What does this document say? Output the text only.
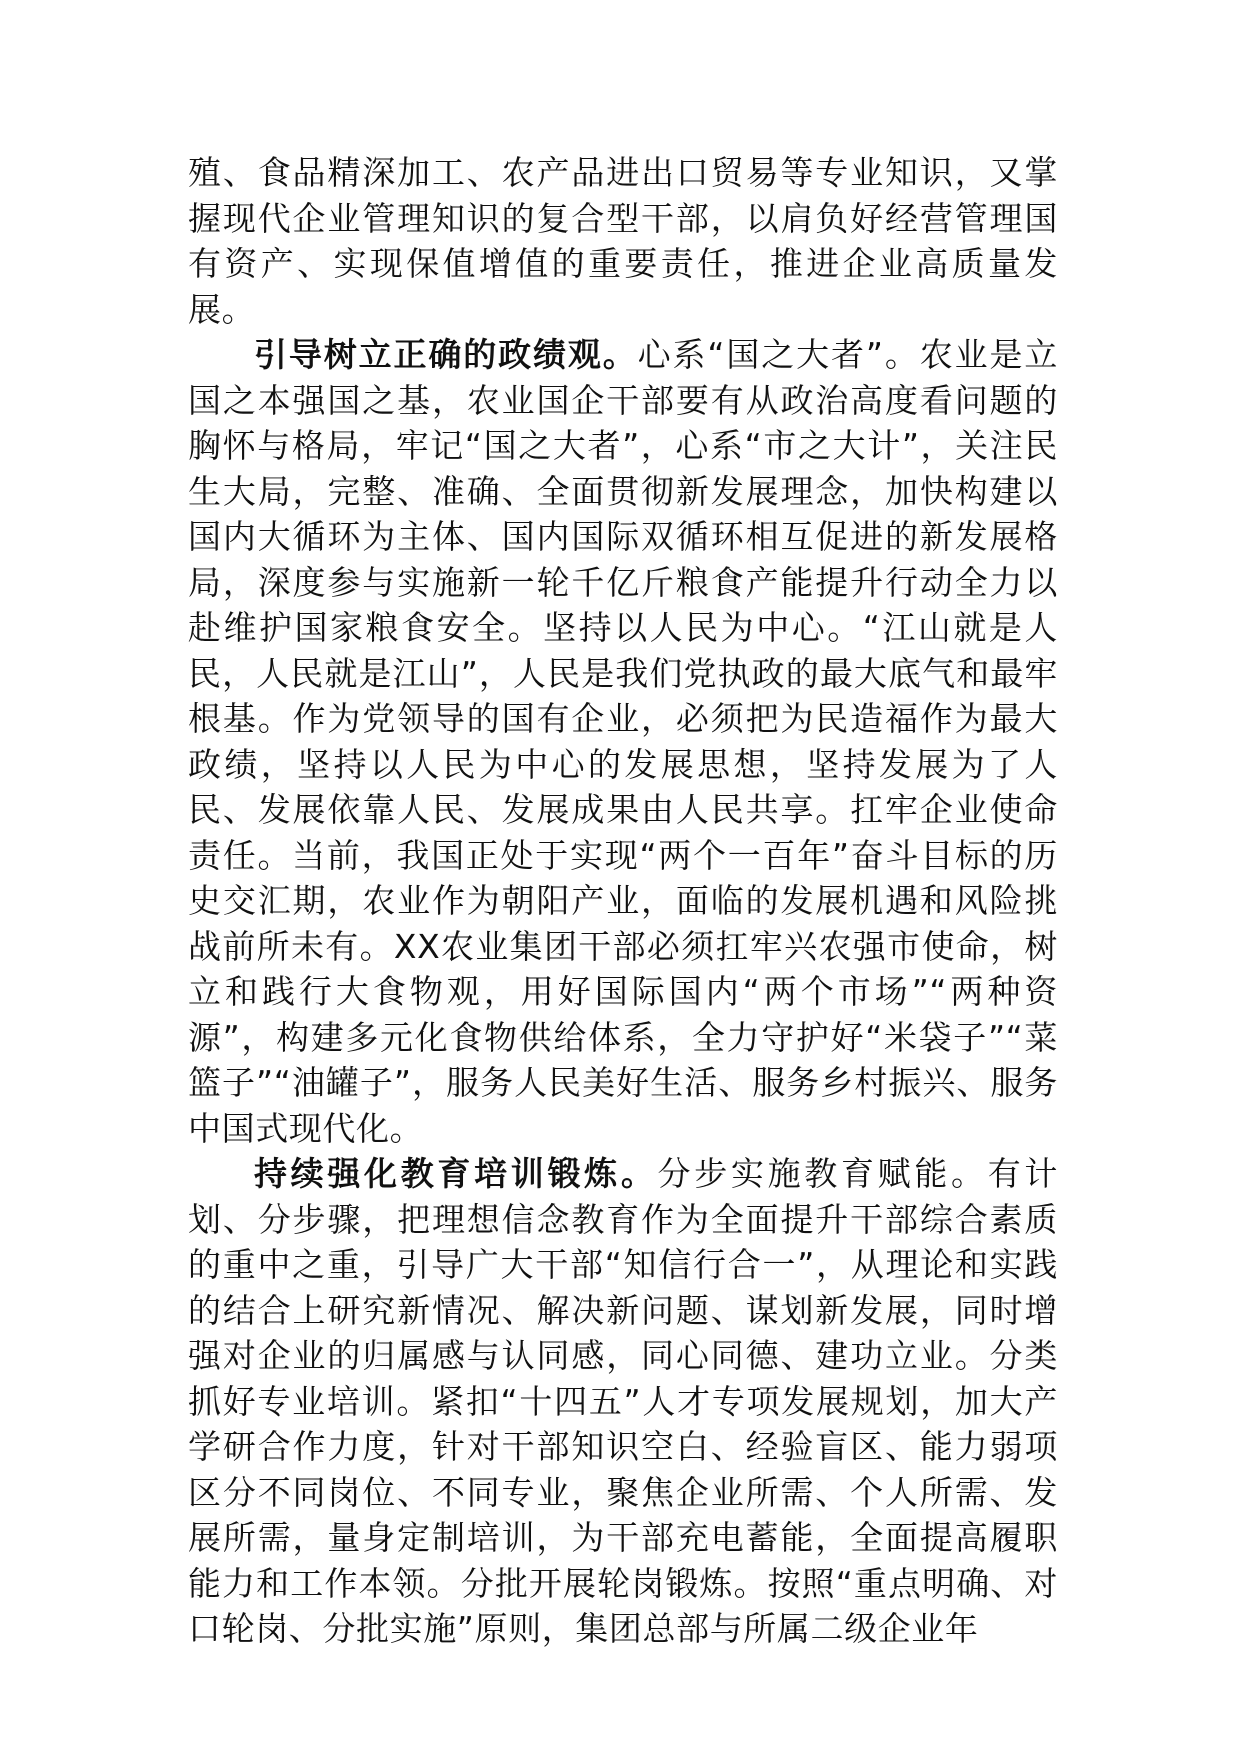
殖、食品精深加工、农产品进出口贸易等专业知识，又掌握现代企业管理知识的复合型干部，以肩负好经营管理国有资产、实现保值增值的重要责任，推进企业高质量发展。

引导树立正确的政绩观。心系“国之大者”。农业是立国之本强国之基，农业国企干部要有从政治高度看问题的胸怀与格局，牢记“国之大者”，心系“市之大计”，关注民生大局，完整、准确、全面贯彻新发展理念，加快构建以国内大循环为主体、国内国际双循环相互促进的新发展格局，深度参与实施新一轮千亿斤粮食产能提升行动全力以赴维护国家粮食安全。坚持以人民为中心。“江山就是人民，人民就是江山”，人民是我们党执政的最大底气和最牢根基。作为党领导的国有企业，必须把为民造福作为最大政绩，坚持以人民为中心的发展思想，坚持发展为了人民、发展依靠人民、发展成果由人民共享。扛牢企业使命责任。当前，我国正处于实现“两个一百年”奋斗目标的历史交汇期，农业作为朝阳产业，面临的发展机遇和风险挑战前所未有。XX农业集团干部必须扛牢兴农强市使命，树立和践行大食物观，用好国际国内“两个市场”“两种资源”，构建多元化食物供给体系，全力守护好“米袋子”“菜篮子”“油罐子”，服务人民美好生活、服务乡村振兴、服务中国式现代化。

持续强化教育培训锻炼。分步实施教育赋能。有计划、分步骤，把理想信念教育作为全面提升干部综合素质的重中之重，引导广大干部“知信行合一”，从理论和实践的结合上研究新情况、解决新问题、谋划新发展，同时增强对企业的归属感与认同感，同心同德、建功立业。分类抓好专业培训。紧扣“十四五”人才专项发展规划，加大产学研合作力度，针对干部知识空白、经验盲区、能力弱项区分不同岗位、不同专业，聚焦企业所需、个人所需、发展所需，量身定制培训，为干部充电蓄能，全面提高履职能力和工作本领。分批开展轮岗锻炼。按照“重点明确、对口轮岗、分批实施”原则，集团总部与所属二级企业年
